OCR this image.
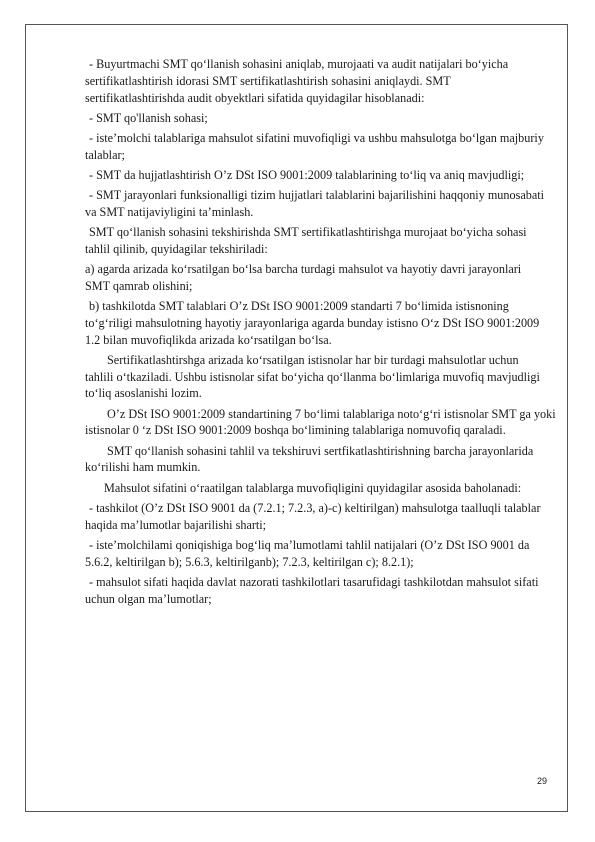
- Buyurtmachi SMT qo‘llanish sohasini aniqlab, murojaati va audit natijalari bo‘yicha sertifikatlashtirish idorasi SMT sertifikatlashtirish sohasini aniqlaydi. SMT sertifikatlashtirishda audit obyektlari sifatida quyidagilar hisoblanadi:

- SMT qo'llanish sohasi;

- iste’molchi talablariga mahsulot sifatini muvofiqligi va ushbu mahsulotga bo‘lgan majburiy talablar;

- SMT da hujjatlashtirish O’z DSt ISO 9001:2009 talablarining to‘liq va aniq mavjudligi;

- SMT jarayonlari funksionalligi tizim hujjatlari talablarini bajarilishini haqqoniy munosabati va SMT natijaviyligini ta’minlash.

SMT qo‘llanish sohasini tekshirishda SMT sertifikatlashtirishga murojaat bo‘yicha sohasi tahlil qilinib, quyidagilar tekshiriladi:

a) agarda arizada ko‘rsatilgan bo‘lsa barcha turdagi mahsulot va hayotiy davri jarayonlari SMT qamrab olishini;

b) tashkilotda SMT talablari O’z DSt ISO 9001:2009 standarti 7 bo‘limida istisnoning to‘g‘riligi mahsulotning hayotiy jarayonlariga agarda bunday istisno O‘z DSt ISO 9001:2009 1.2 bilan muvofiqlikda arizada ko‘rsatilgan bo‘lsa.

Sertifikatlashtirshga arizada ko‘rsatilgan istisnolar har bir turdagi mahsulotlar uchun tahlili o‘tkaziladi. Ushbu istisnolar sifat bo‘yicha qo‘llanma bo‘limlariga muvofiq mavjudligi to‘liq asoslanishi lozim.

O’z DSt ISO 9001:2009 standartining 7 bo‘limi talablariga noto‘g‘ri istisnolar SMT ga yoki istisnolar 0 ‘z DSt ISO 9001:2009 boshqa bo‘limining talablariga nomuvofiq qaraladi.

SMT qo‘llanish sohasini tahlil va tekshiruvi sertfikatlashtirishning barcha jarayonlarida ko‘rilishi ham mumkin.

Mahsulot sifatini o‘raatilgan talablarga muvofiqligini quyidagilar asosida baholanadi:

- tashkilot (O’z DSt ISO 9001 da (7.2.1; 7.2.3, a)-c) keltirilgan) mahsulotga taalluqli talablar haqida ma’lumotlar bajarilishi sharti;

- iste’molchilami qoniqishiga bog‘liq ma’lumotlami tahlil natijalari (O’z DSt ISO 9001 da 5.6.2, keltirilgan b); 5.6.3, keltirilganb); 7.2.3, keltirilgan c); 8.2.1);

- mahsulot sifati haqida davlat nazorati tashkilotlari tasarufidagi tashkilotdan mahsulot sifati uchun olgan ma’lumotlar;

29
